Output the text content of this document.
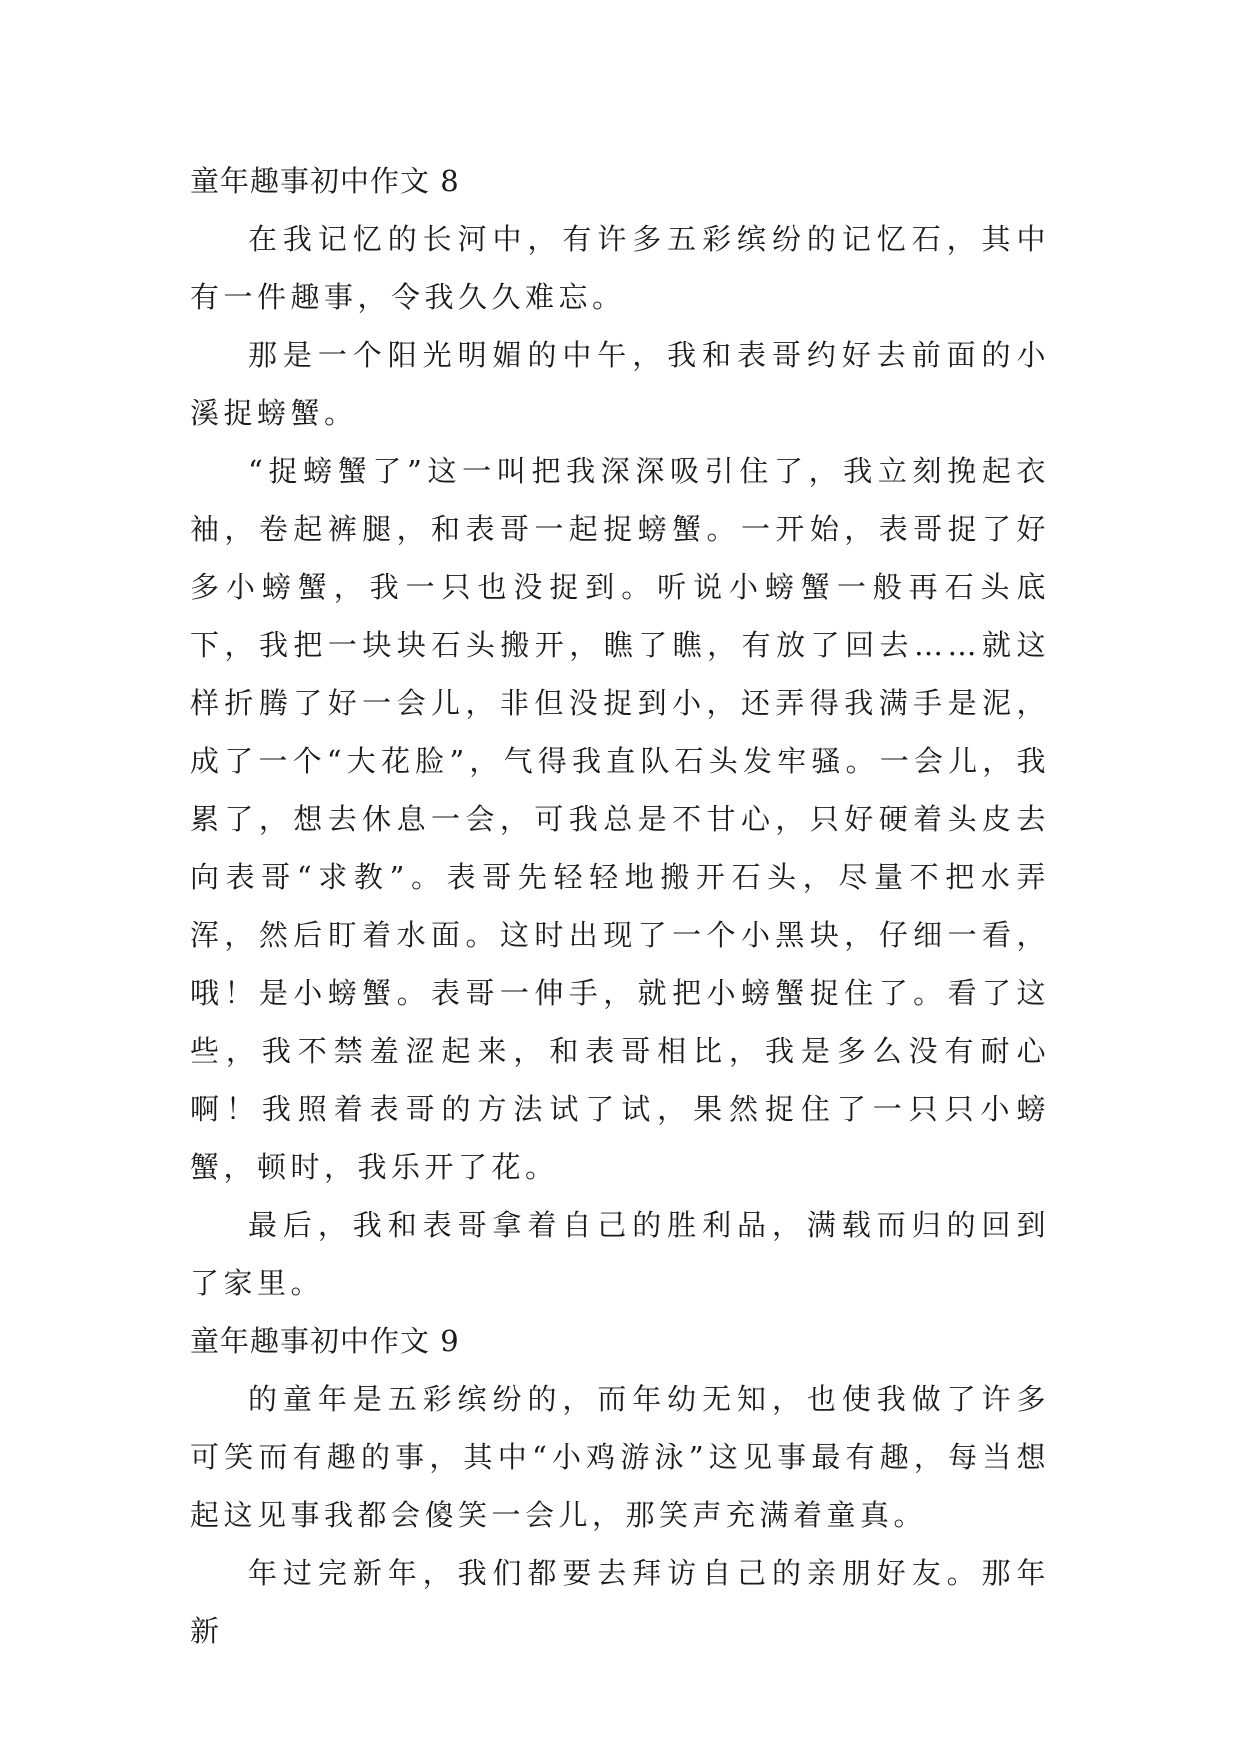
童年趣事初中作文 8

在我记忆的长河中，有许多五彩缤纷的记忆石，其中有一件趣事，令我久久难忘。

那是一个阳光明媚的中午，我和表哥约好去前面的小溪捉螃蟹。

“捉螃蟹了”这一叫把我深深吸引住了，我立刻挽起衣袖，卷起裤腿，和表哥一起捉螃蟹。一开始，表哥捉了好多小螃蟹，我一只也没捉到。听说小螃蟹一般再石头底下，我把一块块石头搬开，瞧了瞧，有放了回去……就这样折腾了好一会儿，非但没捉到小，还弄得我满手是泥，成了一个“大花脸”，气得我直队石头发牢骚。一会儿，我累了，想去休息一会，可我总是不甘心，只好硬着头皮去向表哥“求教”。表哥先轻轻地搬开石头，尽量不把水弄浑，然后盯着水面。这时出现了一个小黑块，仔细一看，哦！是小螃蟹。表哥一伸手，就把小螃蟹捉住了。看了这些，我不禁羞涩起来，和表哥相比，我是多么没有耐心啊！我照着表哥的方法试了试，果然捉住了一只只小螃蟹，顿时，我乐开了花。

最后，我和表哥拿着自己的胜利品，满载而归的回到了家里。

童年趣事初中作文 9

的童年是五彩缤纷的，而年幼无知，也使我做了许多可笑而有趣的事，其中“小鸡游泳”这见事最有趣，每当想起这见事我都会傻笑一会儿，那笑声充满着童真。

年过完新年，我们都要去拜访自己的亲朋好友。那年新
